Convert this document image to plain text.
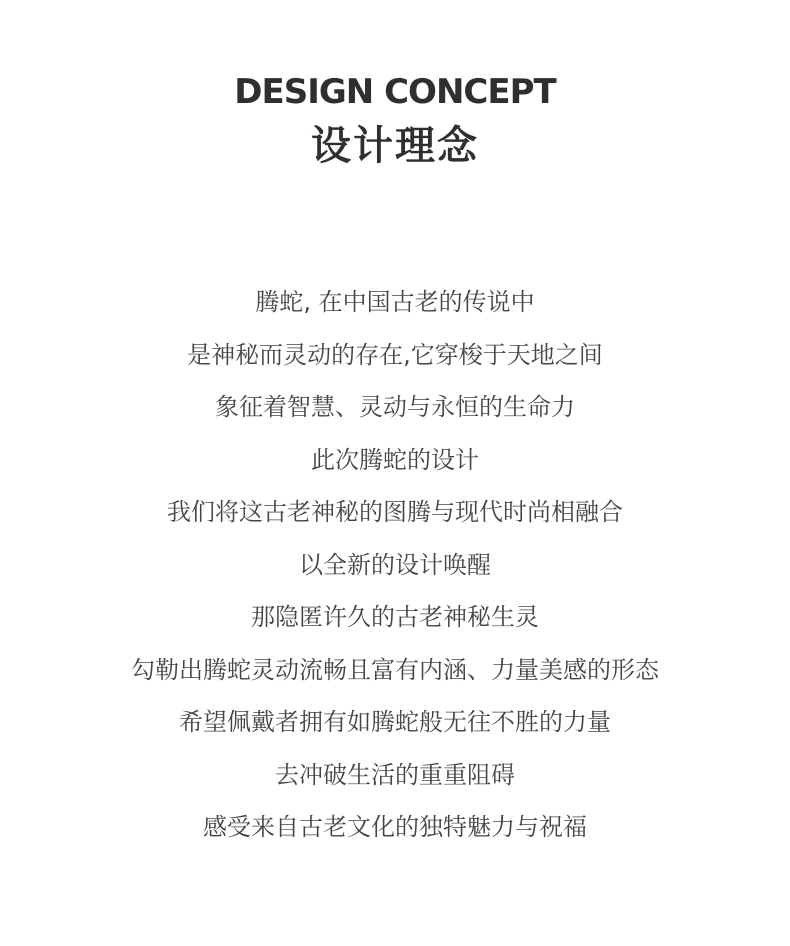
DESIGN CONCEPT
设计理念
腾蛇, 在中国古老的传说中
是神秘而灵动的存在,它穿梭于天地之间
象征着智慧、灵动与永恒的生命力
此次腾蛇的设计
我们将这古老神秘的图腾与现代时尚相融合
以全新的设计唤醒
那隐匿许久的古老神秘生灵
勾勒出腾蛇灵动流畅且富有内涵、力量美感的形态
希望佩戴者拥有如腾蛇般无往不胜的力量
去冲破生活的重重阻碍
感受来自古老文化的独特魅力与祝福
